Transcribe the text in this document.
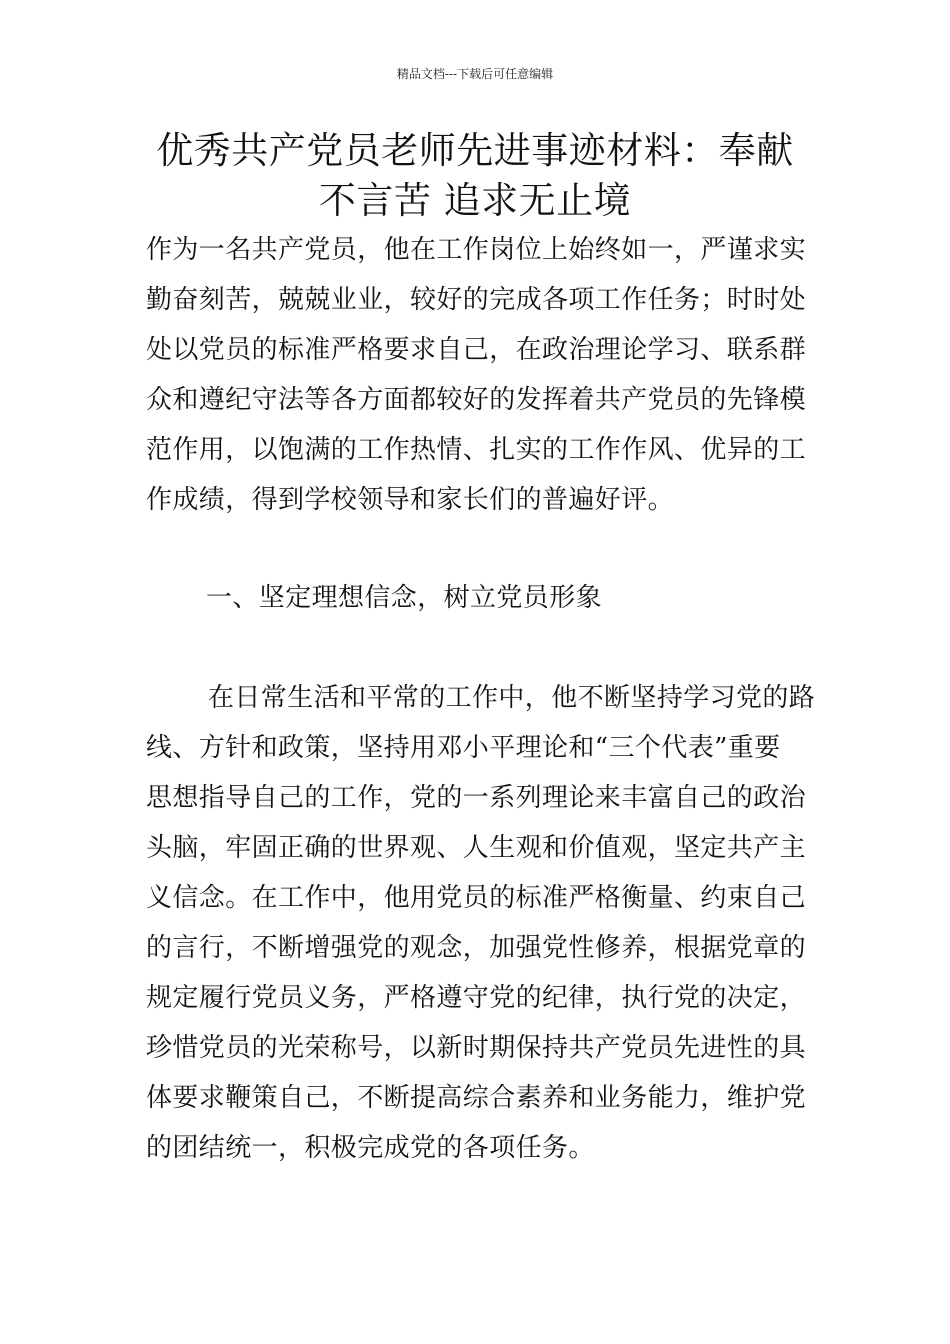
精品文档---下载后可任意编辑
优秀共产党员老师先进事迹材料：奉献
不言苦 追求无止境
作为一名共产党员，他在工作岗位上始终如一，严谨求实
勤奋刻苦，兢兢业业，较好的完成各项工作任务；时时处
处以党员的标准严格要求自己，在政治理论学习、联系群
众和遵纪守法等各方面都较好的发挥着共产党员的先锋模
范作用，以饱满的工作热情、扎实的工作作风、优异的工
作成绩，得到学校领导和家长们的普遍好评。
一、坚定理想信念，树立党员形象
在日常生活和平常的工作中，他不断坚持学习党的路
线、方针和政策，坚持用邓小平理论和“三个代表”重要
思想指导自己的工作，党的一系列理论来丰富自己的政治
头脑，牢固正确的世界观、人生观和价值观，坚定共产主
义信念。在工作中，他用党员的标准严格衡量、约束自己
的言行，不断增强党的观念，加强党性修养，根据党章的
规定履行党员义务，严格遵守党的纪律，执行党的决定，
珍惜党员的光荣称号，以新时期保持共产党员先进性的具
体要求鞭策自己，不断提高综合素养和业务能力，维护党
的团结统一，积极完成党的各项任务。
